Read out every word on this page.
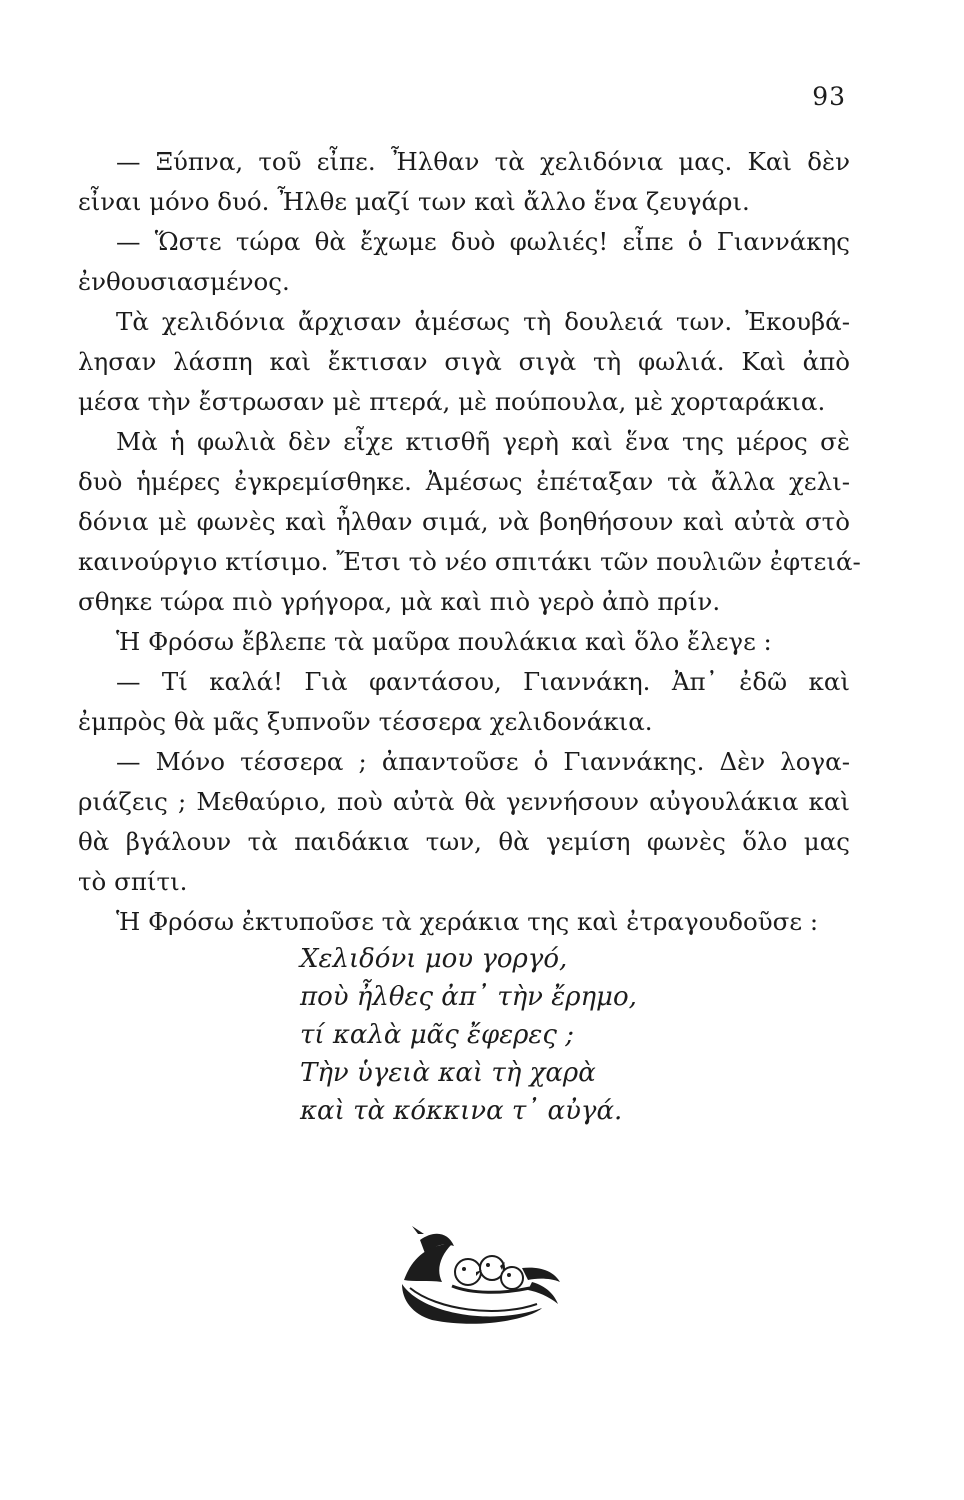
93
— Ξύπνα, τοῦ εἶπε. Ἦλθαν τὰ χελιδόνια μας. Καὶ δὲν
εἶναι μόνο δυό. Ἦλθε μαζί των καὶ ἄλλο ἕνα ζευγάρι.
— Ὥστε τώρα θὰ ἔχωμε δυὸ φωλιές! εἶπε ὁ Γιαννάκης
ἐνθουσιασμένος.
Τὰ χελιδόνια ἄρχισαν ἀμέσως τὴ δουλειά των. Ἐκουβά-
λησαν λάσπη καὶ ἔκτισαν σιγὰ σιγὰ τὴ φωλιά. Καὶ ἀπὸ
μέσα τὴν ἔστρωσαν μὲ πτερά, μὲ πούπουλα, μὲ χορταράκια.
Μὰ ἡ φωλιὰ δὲν εἶχε κτισθῆ γερὴ καὶ ἕνα της μέρος σὲ
δυὸ ἡμέρες ἐγκρεμίσθηκε. Ἀμέσως ἐπέταξαν τὰ ἄλλα χελι-
δόνια μὲ φωνὲς καὶ ἦλθαν σιμά, νὰ βοηθήσουν καὶ αὐτὰ στὸ
καινούργιο κτίσιμο. Ἔτσι τὸ νέο σπιτάκι τῶν πουλιῶν ἐφτειά-
σθηκε τώρα πιὸ γρήγορα, μὰ καὶ πιὸ γερὸ ἀπὸ πρίν.
Ἡ Φρόσω ἔβλεπε τὰ μαῦρα πουλάκια καὶ ὅλο ἔλεγε :
— Τί καλά! Γιὰ φαντάσου, Γιαννάκη. Ἀπ᾽ ἐδῶ καὶ
ἐμπρὸς θὰ μᾶς ξυπνοῦν τέσσερα χελιδονάκια.
— Μόνο τέσσερα ; ἀπαντοῦσε ὁ Γιαννάκης. Δὲν λογα-
ριάζεις ; Μεθαύριο, ποὺ αὐτὰ θὰ γεννήσουν αὐγουλάκια καὶ
θὰ βγάλουν τὰ παιδάκια των, θὰ γεμίση φωνὲς ὅλο μας
τὸ σπίτι.
Ἡ Φρόσω ἐκτυποῦσε τὰ χεράκια της καὶ ἐτραγουδοῦσε :
Χελιδόνι μου γοργό,
ποὺ ἦλθες ἀπ᾽ τὴν ἔρημο,
τί καλὰ μᾶς ἔφερες ;
Τὴν ὑγειὰ καὶ τὴ χαρὰ
καὶ τὰ κόκκινα τ᾽ αὐγά.
